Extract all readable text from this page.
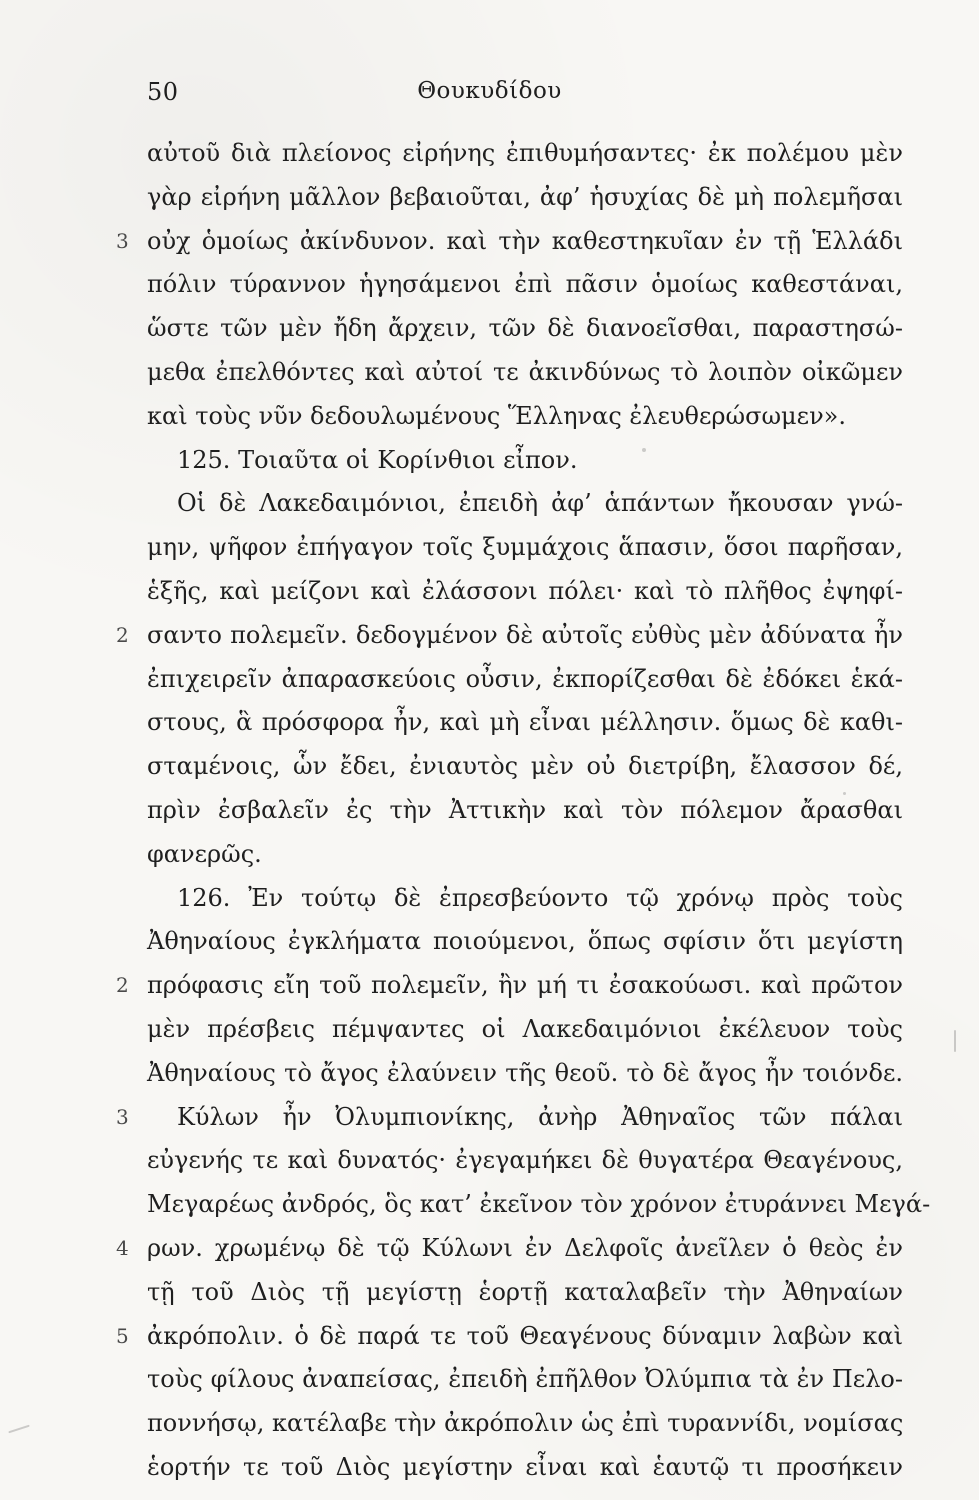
50	Θουκυδίδου
αὐτοῦ διὰ πλείονος εἰρήνης ἐπιθυμήσαντες· ἐκ πολέμου μὲν
γὰρ εἰρήνη μᾶλλον βεβαιοῦται, ἀφ’ ἡσυχίας δὲ μὴ πολεμῆσαι
3 οὐχ ὁμοίως ἀκίνδυνον. καὶ τὴν καθεστηκυῖαν ἐν τῇ Ἑλλάδι
πόλιν τύραννον ἡγησάμενοι ἐπὶ πᾶσιν ὁμοίως καθεστάναι,
ὥστε τῶν μὲν ἤδη ἄρχειν, τῶν δὲ διανοεῖσθαι, παραστησώ-
μεθα ἐπελθόντες καὶ αὐτοί τε ἀκινδύνως τὸ λοιπὸν οἰκῶμεν
καὶ τοὺς νῦν δεδουλωμένους Ἕλληνας ἐλευθερώσωμεν».
125. Τοιαῦτα οἱ Κορίνθιοι εἶπον.
Οἱ δὲ Λακεδαιμόνιοι, ἐπειδὴ ἀφ’ ἁπάντων ἤκουσαν γνώ-
μην, ψῆφον ἐπήγαγον τοῖς ξυμμάχοις ἅπασιν, ὅσοι παρῆσαν,
ἑξῆς, καὶ μείζονι καὶ ἐλάσσονι πόλει· καὶ τὸ πλῆθος ἐψηφί-
2 σαντο πολεμεῖν. δεδογμένον δὲ αὐτοῖς εὐθὺς μὲν ἀδύνατα ἦν
ἐπιχειρεῖν ἀπαρασκεύοις οὖσιν, ἐκπορίζεσθαι δὲ ἐδόκει ἑκά-
στους, ἃ πρόσφορα ἦν, καὶ μὴ εἶναι μέλλησιν. ὅμως δὲ καθι-
σταμένοις, ὧν ἔδει, ἐνιαυτὸς μὲν οὐ διετρίβη, ἔλασσον δέ,
πρὶν ἐσβαλεῖν ἐς τὴν Ἀττικὴν καὶ τὸν πόλεμον ἄρασθαι
φανερῶς.
126. Ἐν τούτῳ δὲ ἐπρεσβεύοντο τῷ χρόνῳ πρὸς τοὺς
Ἀθηναίους ἐγκλήματα ποιούμενοι, ὅπως σφίσιν ὅτι μεγίστη
2 πρόφασις εἴη τοῦ πολεμεῖν, ἢν μή τι ἐσακούωσι. καὶ πρῶτον
μὲν πρέσβεις πέμψαντες οἱ Λακεδαιμόνιοι ἐκέλευον τοὺς
Ἀθηναίους τὸ ἄγος ἐλαύνειν τῆς θεοῦ. τὸ δὲ ἄγος ἦν τοιόνδε.
3 Κύλων ἦν Ὀλυμπιονίκης, ἀνὴρ Ἀθηναῖος τῶν πάλαι
εὐγενής τε καὶ δυνατός· ἐγεγαμήκει δὲ θυγατέρα Θεαγένους,
Μεγαρέως ἀνδρός, ὃς κατ’ ἐκεῖνον τὸν χρόνον ἐτυράννει Μεγά-
4 ρων. χρωμένῳ δὲ τῷ Κύλωνι ἐν Δελφοῖς ἀνεῖλεν ὁ θεὸς ἐν
τῇ τοῦ Διὸς τῇ μεγίστῃ ἑορτῇ καταλαβεῖν τὴν Ἀθηναίων
5 ἀκρόπολιν. ὁ δὲ παρά τε τοῦ Θεαγένους δύναμιν λαβὼν καὶ
τοὺς φίλους ἀναπείσας, ἐπειδὴ ἐπῆλθον Ὀλύμπια τὰ ἐν Πελο-
ποννήσῳ, κατέλαβε τὴν ἀκρόπολιν ὡς ἐπὶ τυραννίδι, νομίσας
ἑορτήν τε τοῦ Διὸς μεγίστην εἶναι καὶ ἑαυτῷ τι προσήκειν
